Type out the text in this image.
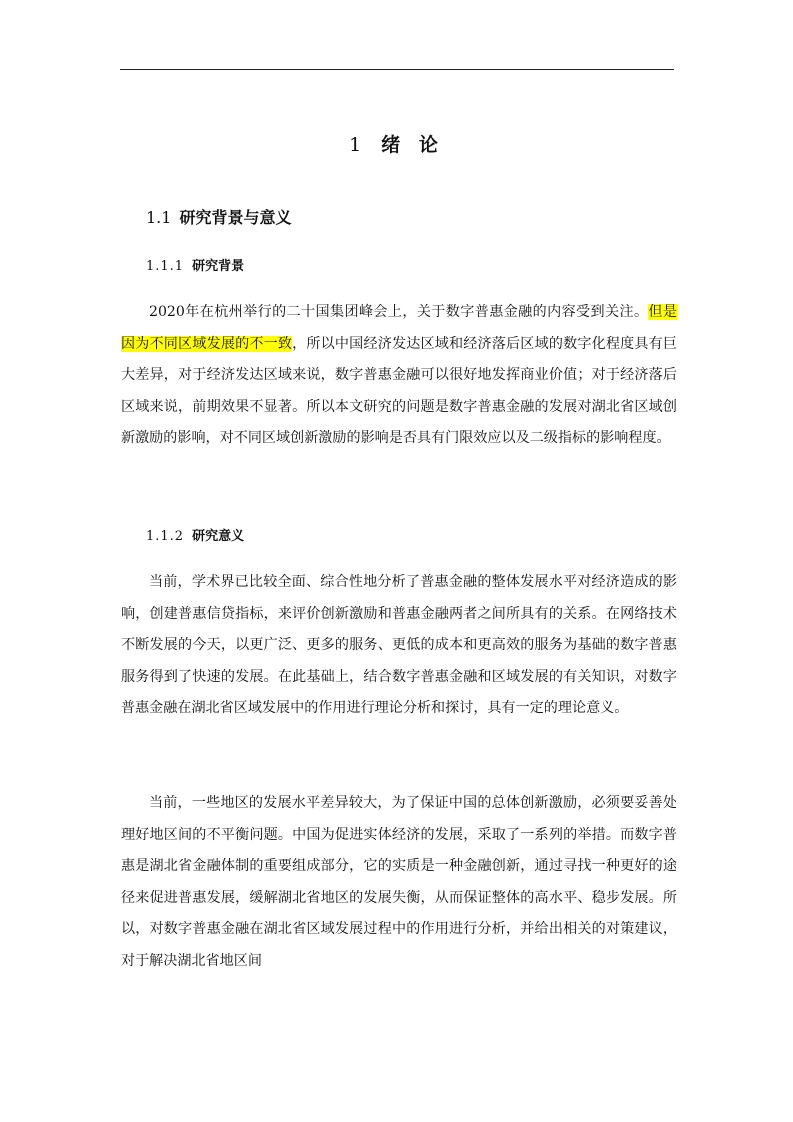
1 绪 论
1.1 研究背景与意义
1.1.1 研究背景
2020年在杭州举行的二十国集团峰会上，关于数字普惠金融的内容受到关注。但是因为不同区域发展的不一致，所以中国经济发达区域和经济落后区域的数字化程度具有巨大差异，对于经济发达区域来说，数字普惠金融可以很好地发挥商业价值；对于经济落后区域来说，前期效果不显著。所以本文研究的问题是数字普惠金融的发展对湖北省区域创新激励的影响，对不同区域创新激励的影响是否具有门限效应以及二级指标的影响程度。
1.1.2 研究意义
当前，学术界已比较全面、综合性地分析了普惠金融的整体发展水平对经济造成的影响，创建普惠信贷指标，来评价创新激励和普惠金融两者之间所具有的关系。在网络技术不断发展的今天，以更广泛、更多的服务、更低的成本和更高效的服务为基础的数字普惠服务得到了快速的发展。在此基础上，结合数字普惠金融和区域发展的有关知识，对数字普惠金融在湖北省区域发展中的作用进行理论分析和探讨，具有一定的理论意义。
当前，一些地区的发展水平差异较大，为了保证中国的总体创新激励，必须要妥善处理好地区间的不平衡问题。中国为促进实体经济的发展，采取了一系列的举措。而数字普惠是湖北省金融体制的重要组成部分，它的实质是一种金融创新，通过寻找一种更好的途径来促进普惠发展，缓解湖北省地区的发展失衡，从而保证整体的高水平、稳步发展。所以，对数字普惠金融在湖北省区域发展过程中的作用进行分析，并给出相关的对策建议，对于解决湖北省地区间
